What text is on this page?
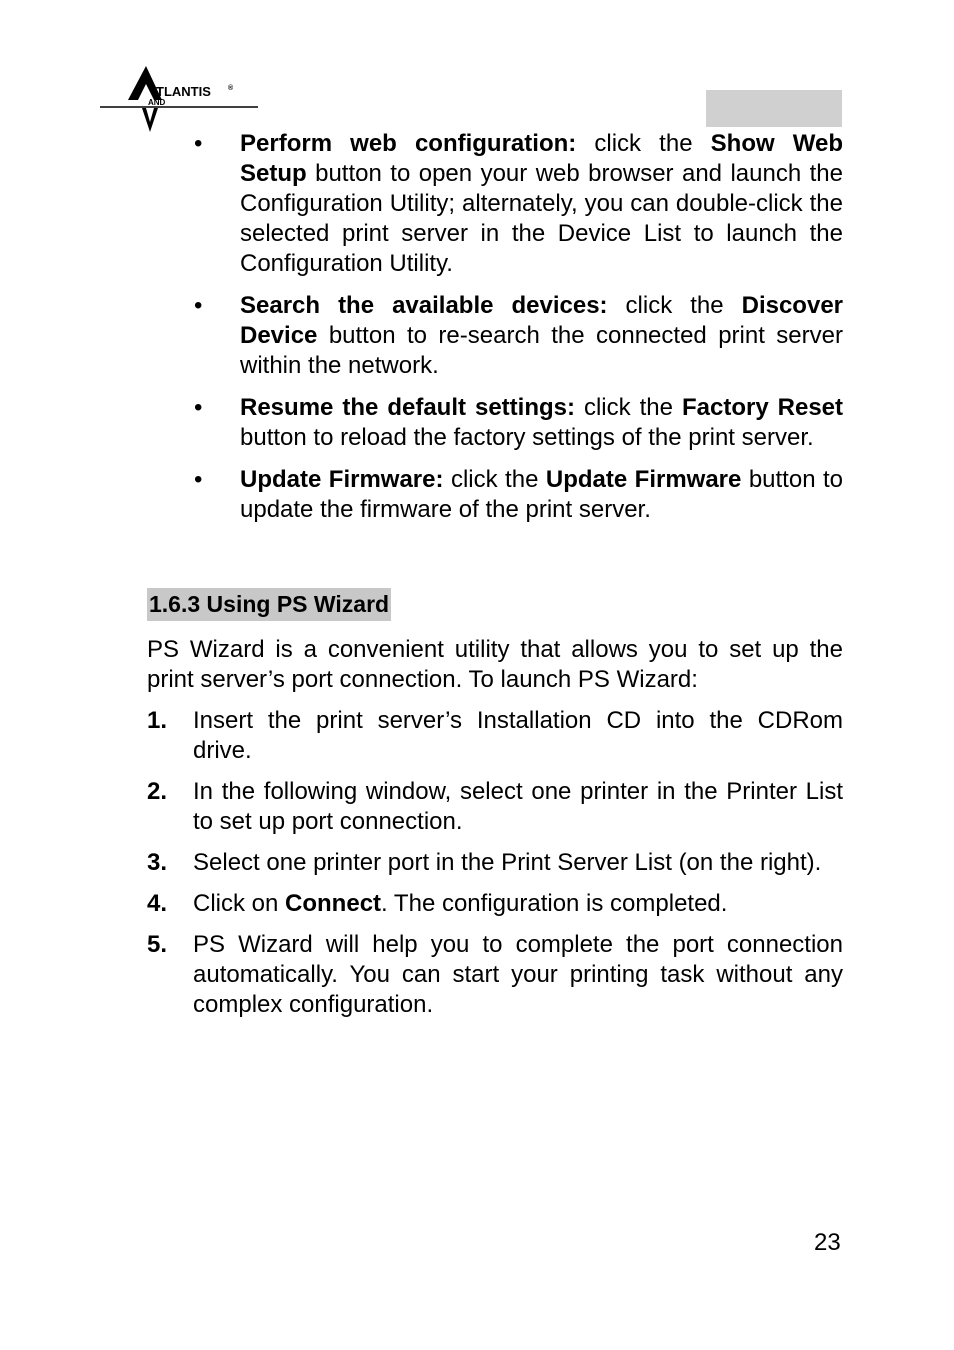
TLANTIS ®
AND
• Perform web configuration: click the Show Web Setup button to open your web browser and launch the Configuration Utility; alternately, you can double-click the selected print server in the Device List to launch the Configuration Utility.
• Search the available devices: click the Discover Device button to re-search the connected print server within the network.
• Resume the default settings: click the Factory Reset button to reload the factory settings of the print server.
• Update Firmware: click the Update Firmware button to update the firmware of the print server.
1.6.3 Using PS Wizard
PS Wizard is a convenient utility that allows you to set up the print server’s port connection. To launch PS Wizard:
1. Insert the print server’s Installation CD into the CDRom drive.
2. In the following window, select one printer in the Printer List to set up port connection.
3. Select one printer port in the Print Server List (on the right).
4. Click on Connect. The configuration is completed.
5. PS Wizard will help you to complete the port connection automatically. You can start your printing task without any complex configuration.
23
